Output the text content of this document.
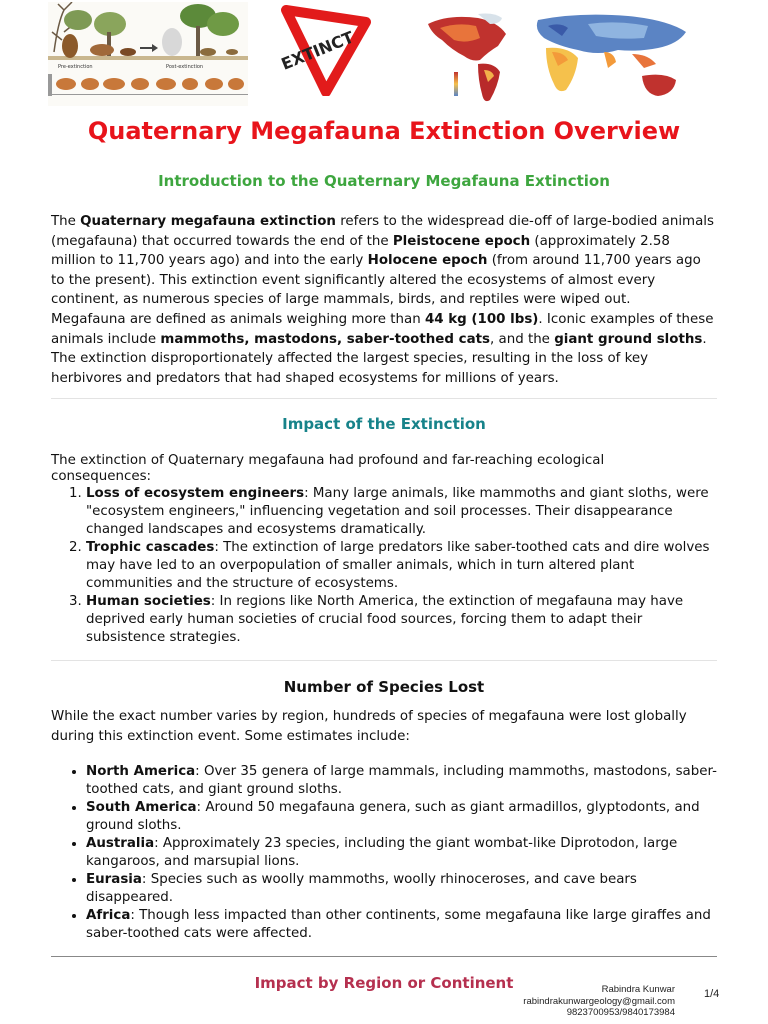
Pre-extinction	Post-extinction	EXTINCT
Quaternary Megafauna Extinction Overview
Introduction to the Quaternary Megafauna Extinction

The Quaternary megafauna extinction refers to the widespread die-off of large-bodied animals (megafauna) that occurred towards the end of the Pleistocene epoch (approximately 2.58 million to 11,700 years ago) and into the early Holocene epoch (from around 11,700 years ago to the present). This extinction event significantly altered the ecosystems of almost every continent, as numerous species of large mammals, birds, and reptiles were wiped out.

Megafauna are defined as animals weighing more than 44 kg (100 lbs). Iconic examples of these animals include mammoths, mastodons, saber-toothed cats, and the giant ground sloths. The extinction disproportionately affected the largest species, resulting in the loss of key herbivores and predators that had shaped ecosystems for millions of years.

Impact of the Extinction

The extinction of Quaternary megafauna had profound and far-reaching ecological consequences:

1. Loss of ecosystem engineers: Many large animals, like mammoths and giant sloths, were "ecosystem engineers," influencing vegetation and soil processes. Their disappearance changed landscapes and ecosystems dramatically.
2. Trophic cascades: The extinction of large predators like saber-toothed cats and dire wolves may have led to an overpopulation of smaller animals, which in turn altered plant communities and the structure of ecosystems.
3. Human societies: In regions like North America, the extinction of megafauna may have deprived early human societies of crucial food sources, forcing them to adapt their subsistence strategies.
Number of Species Lost

While the exact number varies by region, hundreds of species of megafauna were lost globally during this extinction event. Some estimates include:

• North America: Over 35 genera of large mammals, including mammoths, mastodons, saber-toothed cats, and giant ground sloths.
• South America: Around 50 megafauna genera, such as giant armadillos, glyptodonts, and ground sloths.
• Australia: Approximately 23 species, including the giant wombat-like Diprotodon, large kangaroos, and marsupial lions.
• Eurasia: Species such as woolly mammoths, woolly rhinoceroses, and cave bears disappeared.
• Africa: Though less impacted than other continents, some megafauna like large giraffes and saber-toothed cats were affected.
Impact by Region or Continent	Rabindra Kunwar
rabindrakunwargeology@gmail.com
9823700953/9840173984
1/4
